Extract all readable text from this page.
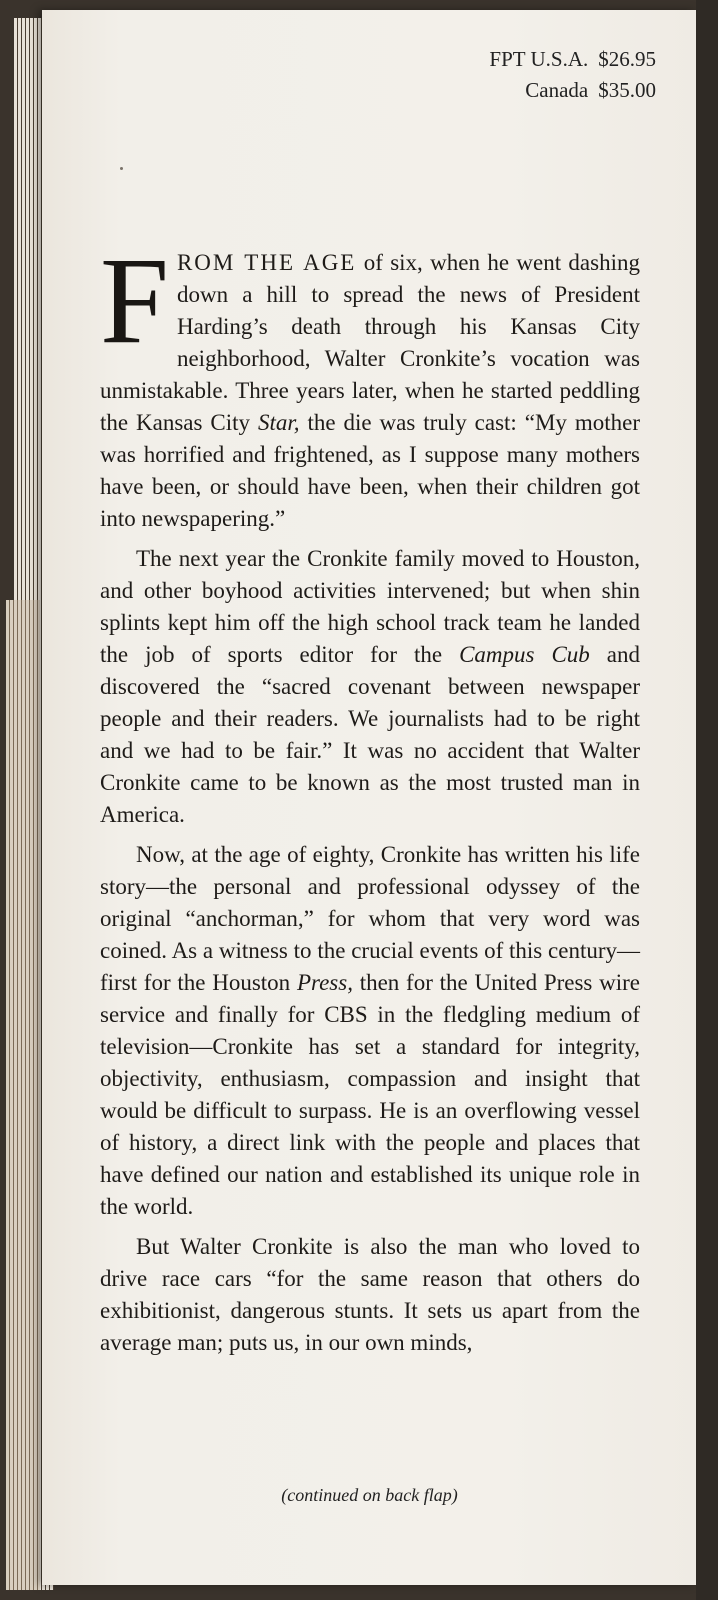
FPT U.S.A. $26.95
Canada $35.00

FROM THE AGE of six, when he went dashing down a hill to spread the news of President Harding’s death through his Kansas City neighborhood, Walter Cronkite’s vocation was unmistakable. Three years later, when he started peddling the Kansas City Star, the die was truly cast: “My mother was horrified and frightened, as I suppose many mothers have been, or should have been, when their children got into newspapering.”

The next year the Cronkite family moved to Houston, and other boyhood activities intervened; but when shin splints kept him off the high school track team he landed the job of sports editor for the Campus Cub and discovered the “sacred covenant between newspaper people and their readers. We journalists had to be right and we had to be fair.” It was no accident that Walter Cronkite came to be known as the most trusted man in America.

Now, at the age of eighty, Cronkite has written his life story—the personal and professional odyssey of the original “anchorman,” for whom that very word was coined. As a witness to the crucial events of this century—first for the Houston Press, then for the United Press wire service and finally for CBS in the fledgling medium of television—Cronkite has set a standard for integrity, objectivity, enthusiasm, compassion and insight that would be difficult to surpass. He is an overflowing vessel of history, a direct link with the people and places that have defined our nation and established its unique role in the world.

But Walter Cronkite is also the man who loved to drive race cars “for the same reason that others do exhibitionist, dangerous stunts. It sets us apart from the average man; puts us, in our own minds,

(continued on back flap)
